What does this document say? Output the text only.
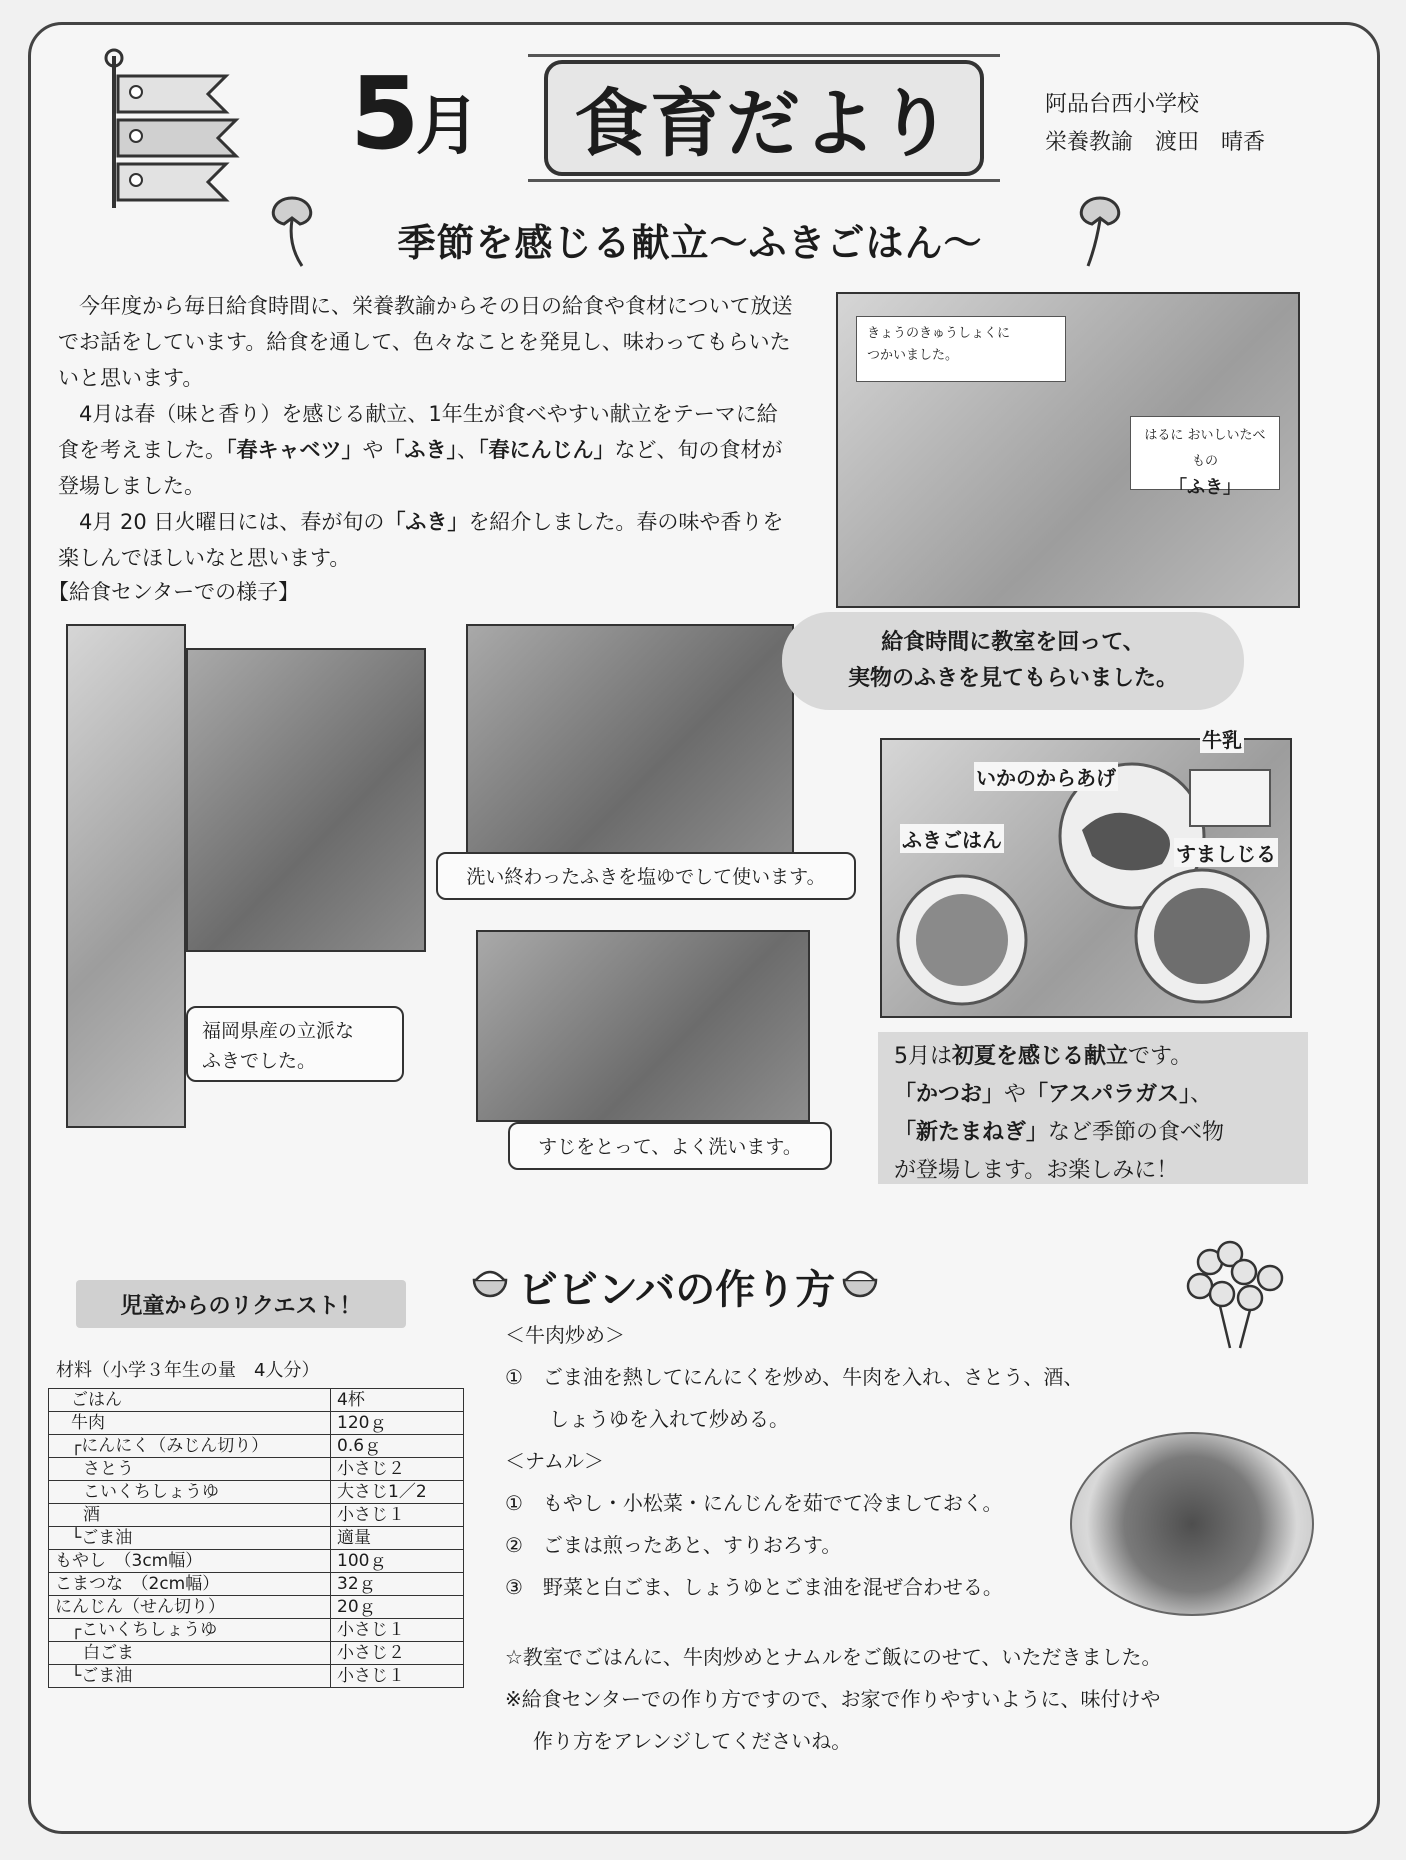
5月	食育だより	阿品台西小学校
栄養教諭　渡田　晴香
季節を感じる献立～ふきごはん～

今年度から毎日給食時間に、栄養教諭からその日の給食や食材について放送でお話をしています。給食を通して、色々なことを発見し、味わってもらいたいと思います。

4月は春（味と香り）を感じる献立、1年生が食べやすい献立をテーマに給食を考えました。「春キャベツ」や「ふき」、「春にんじん」など、旬の食材が登場しました。

4月 20 日火曜日には、春が旬の「ふき」を紹介しました。春の味や香りを楽しんでほしいなと思います。

きょうのきゅうしょくに
つかいました。
はるに おいしいたべもの
「ふき」
【給食センターでの様子】
洗い終わったふきを塩ゆでして使います。
福岡県産の立派な
ふきでした。
すじをとって、よく洗います。
給食時間に教室を回って、
実物のふきを見てもらいました。
牛乳
いかのからあげ
ふきごはん
すましじる
5月は初夏を感じる献立です。
「かつお」や「アスパラガス」、
「新たまねぎ」など季節の食べ物
が登場します。お楽しみに！
児童からのリクエスト！
材料（小学３年生の量　4人分）
ごはん	4杯
牛肉	120ｇ
┌にんにく（みじん切り）	0.6ｇ
さとう	小さじ２
こいくちしょうゆ	大さじ1／2
酒	小さじ１
└ごま油	適量
もやし　（3cm幅）	100ｇ
こまつな　（2cm幅）	32ｇ
にんじん（せん切り）	20ｇ
┌こいくちしょうゆ	小さじ１
白ごま	小さじ２
└ごま油	小さじ１
ビビンバの作り方

＜牛肉炒め＞

①　ごま油を熱してにんにくを炒め、牛肉を入れ、さとう、酒、

しょうゆを入れて炒める。

＜ナムル＞

①　もやし・小松菜・にんじんを茹でて冷ましておく。

②　ごまは煎ったあと、すりおろす。

③　野菜と白ごま、しょうゆとごま油を混ぜ合わせる。

☆教室でごはんに、牛肉炒めとナムルをご飯にのせて、いただきました。

※給食センターでの作り方ですので、お家で作りやすいように、味付けや

作り方をアレンジしてくださいね。
